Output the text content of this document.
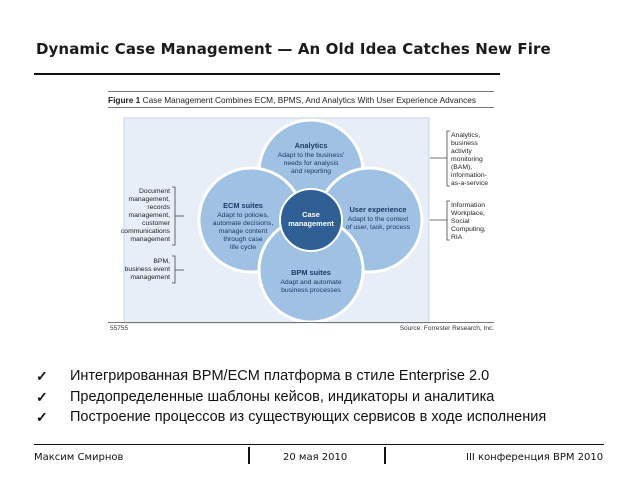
Dynamic Case Management — An Old Idea Catches New Fire
Figure 1 Case Management Combines ECM, BPMS, And Analytics With User Experience Advances
Case
management
Analytics
Adapt to the business'
needs for analysis
and reporting
ECM suites
Adapt to policies,
automate decisions,
manage content
through case
life cycle
User experience
Adapt to the context
of user, task, process
BPM suites
Adapt and automate
business processes
Document
management,
records
management,
customer
communications
management
BPM,
business event
management
Analytics,
business
activity
monitoring
(BAM),
information-
as-a-service
Information
Workplace,
Social
Computing,
RIA
55755	Source: Forrester Research, Inc.
✓ Интегрированная BPM/ECM платформа в стиле Enterprise 2.0
✓ Предопределенные шаблоны кейсов, индикаторы и аналитика
✓ Построение процессов из существующих сервисов в ходе исполнения
Максим Смирнов	20 мая 2010	III конференция BPM 2010
